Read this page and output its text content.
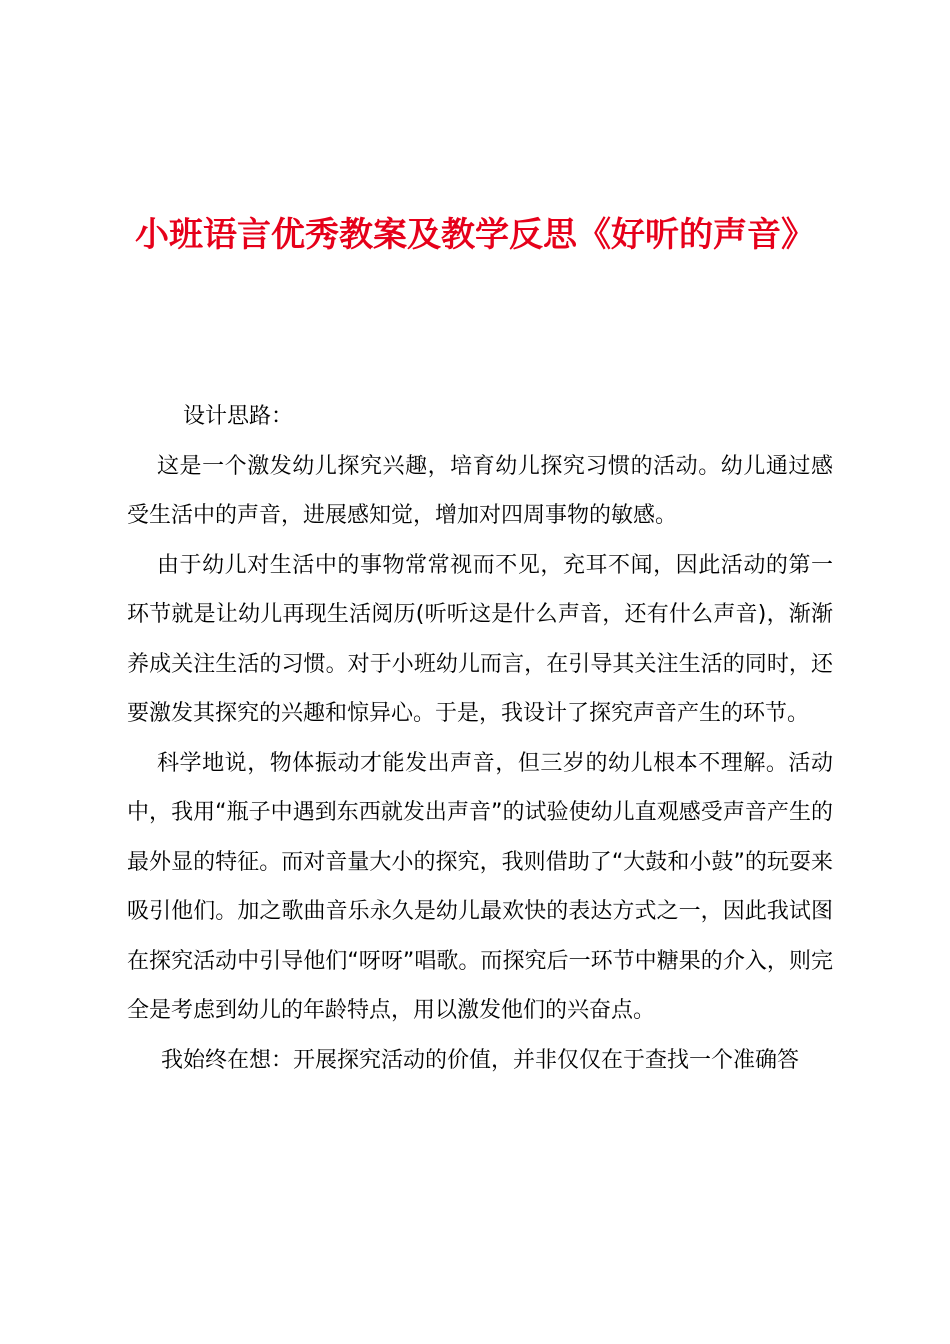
小班语言优秀教案及教学反思《好听的声音》

设计思路：

这是一个激发幼儿探究兴趣，培育幼儿探究习惯的活动。幼儿通过感受生活中的声音，进展感知觉，增加对四周事物的敏感。

由于幼儿对生活中的事物常常视而不见，充耳不闻，因此活动的第一环节就是让幼儿再现生活阅历(听听这是什么声音，还有什么声音)，渐渐养成关注生活的习惯。对于小班幼儿而言，在引导其关注生活的同时，还要激发其探究的兴趣和惊异心。于是，我设计了探究声音产生的环节。

科学地说，物体振动才能发出声音，但三岁的幼儿根本不理解。活动中，我用“瓶子中遇到东西就发出声音”的试验使幼儿直观感受声音产生的最外显的特征。而对音量大小的探究，我则借助了“大鼓和小鼓”的玩耍来吸引他们。加之歌曲音乐永久是幼儿最欢快的表达方式之一，因此我试图在探究活动中引导他们“呀呀”唱歌。而探究后一环节中糖果的介入，则完全是考虑到幼儿的年龄特点，用以激发他们的兴奋点。

我始终在想：开展探究活动的价值，并非仅仅在于查找一个准确答
